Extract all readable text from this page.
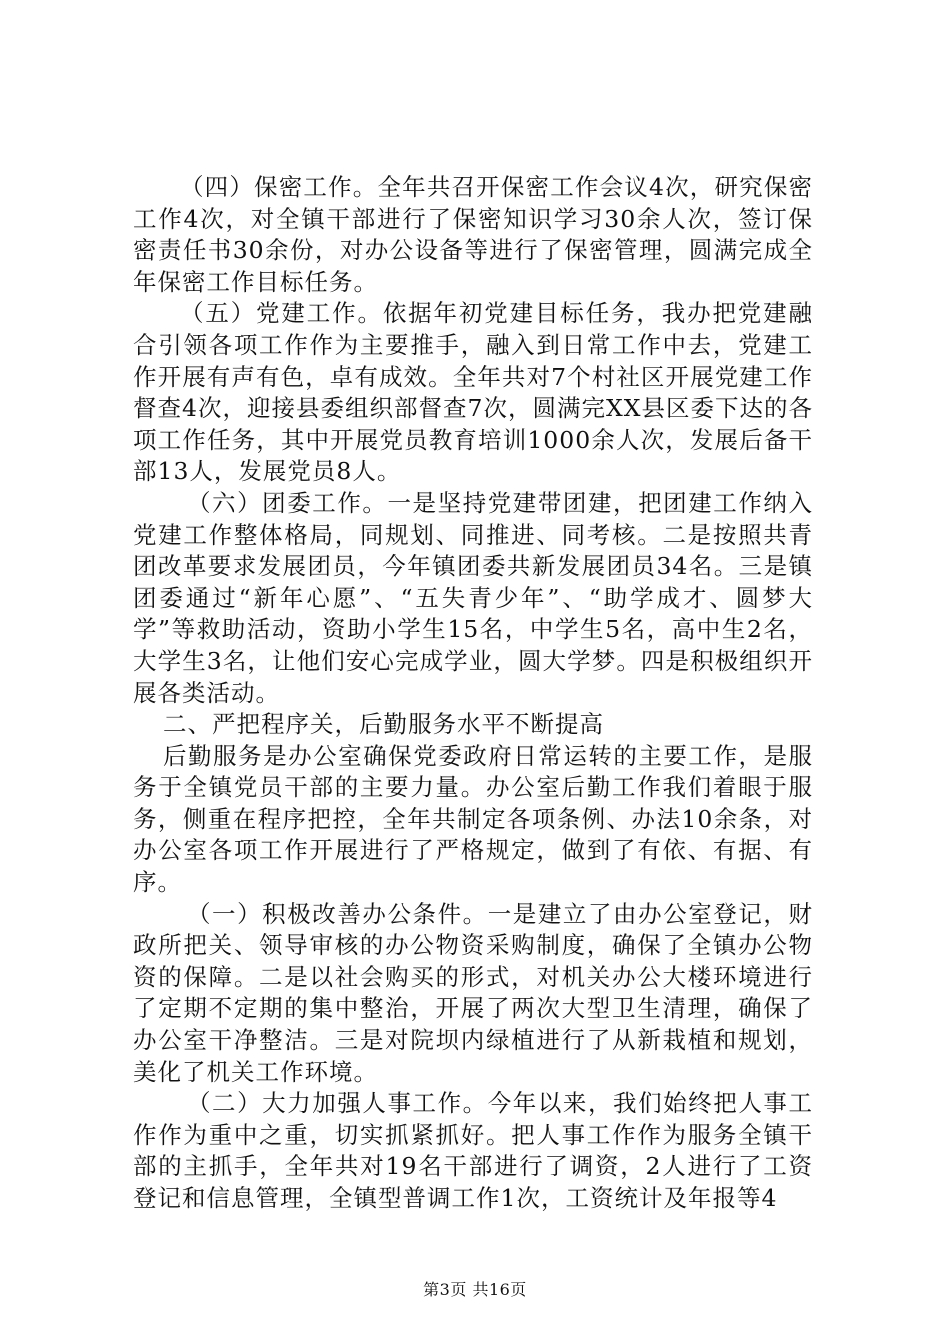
（四）保密工作。全年共召开保密工作会议4次，研究保密工作4次，对全镇干部进行了保密知识学习30余人次，签订保密责任书30余份，对办公设备等进行了保密管理，圆满完成全年保密工作目标任务。

（五）党建工作。依据年初党建目标任务，我办把党建融合引领各项工作作为主要推手，融入到日常工作中去，党建工作开展有声有色，卓有成效。全年共对7个村社区开展党建工作督查4次，迎接县委组织部督查7次，圆满完XX县区委下达的各项工作任务，其中开展党员教育培训1000余人次，发展后备干部13人，发展党员8人。

（六）团委工作。一是坚持党建带团建，把团建工作纳入党建工作整体格局，同规划、同推进、同考核。二是按照共青团改革要求发展团员，今年镇团委共新发展团员34名。三是镇团委通过“新年心愿”、“五失青少年”、“助学成才、圆梦大学”等救助活动，资助小学生15名，中学生5名，高中生2名，大学生3名，让他们安心完成学业，圆大学梦。四是积极组织开展各类活动。

二、严把程序关，后勤服务水平不断提高

后勤服务是办公室确保党委政府日常运转的主要工作，是服务于全镇党员干部的主要力量。办公室后勤工作我们着眼于服务，侧重在程序把控，全年共制定各项条例、办法10余条，对办公室各项工作开展进行了严格规定，做到了有依、有据、有序。

（一）积极改善办公条件。一是建立了由办公室登记，财政所把关、领导审核的办公物资采购制度，确保了全镇办公物资的保障。二是以社会购买的形式，对机关办公大楼环境进行了定期不定期的集中整治，开展了两次大型卫生清理，确保了办公室干净整洁。三是对院坝内绿植进行了从新栽植和规划，美化了机关工作环境。

（二）大力加强人事工作。今年以来，我们始终把人事工作作为重中之重，切实抓紧抓好。把人事工作作为服务全镇干部的主抓手，全年共对19名干部进行了调资，2人进行了工资登记和信息管理，全镇型普调工作1次，工资统计及年报等4

第3页 共16页
